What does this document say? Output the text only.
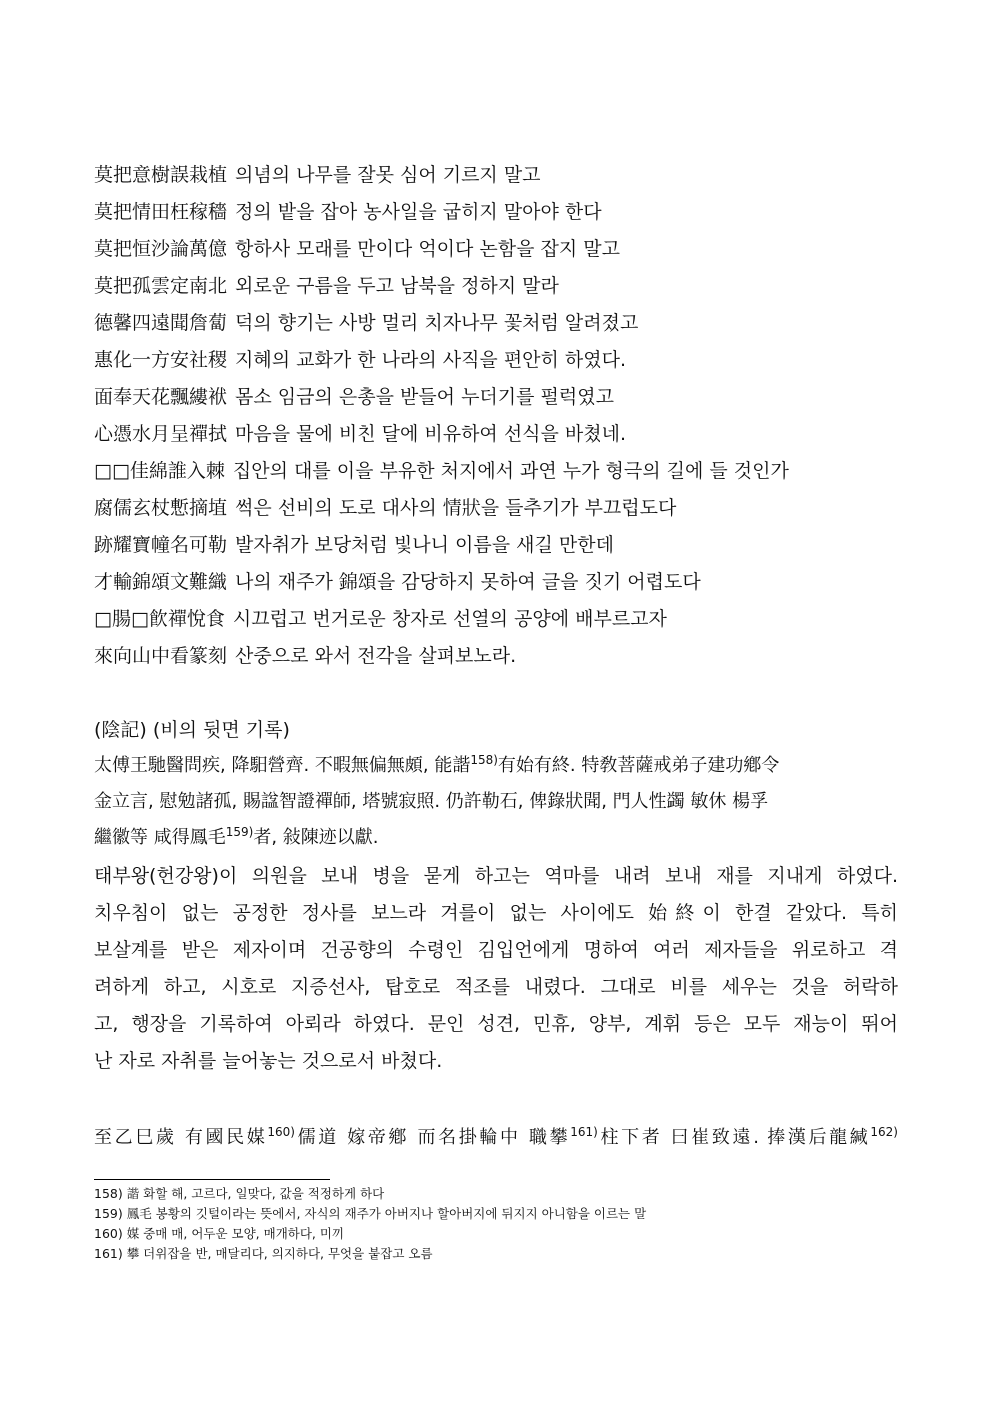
莫把意樹誤栽植 의념의 나무를 잘못 심어 기르지 말고
莫把情田枉稼穡 정의 밭을 잡아 농사일을 굽히지 말아야 한다
莫把恒沙論萬億 항하사 모래를 만이다 억이다 논함을 잡지 말고
莫把孤雲定南北 외로운 구름을 두고 남북을 정하지 말라
德馨四遠聞詹蔔 덕의 향기는 사방 멀리 치자나무 꽃처럼 알려졌고
惠化一方安社稷 지혜의 교화가 한 나라의 사직을 편안히 하였다.
面奉天花飄縷袱 몸소 임금의 은총을 받들어 누더기를 펄럭였고
心憑水月呈禪拭 마음을 물에 비친 달에 비유하여 선식을 바쳤네.
□□佳綿誰入棘 집안의 대를 이을 부유한 처지에서 과연 누가 형극의 길에 들 것인가
腐儒玄杖慙摘埴 썩은 선비의 도로 대사의 情狀을 들추기가 부끄럽도다
跡耀寶幢名可勒 발자취가 보당처럼 빛나니 이름을 새길 만한데
才輸錦頌文難織 나의 재주가 錦頌을 감당하지 못하여 글을 짓기 어렵도다
□腸□飮禪悅食 시끄럽고 번거로운 창자로 선열의 공양에 배부르고자
來向山中看篆刻 산중으로 와서 전각을 살펴보노라.
(陰記) (비의 뒷면 기록)
太傅王馳醫問疾, 降馹營齊. 不暇無偏無頗, 能諧$^{158)}$有始有終. 特敎菩薩戒弟子建功鄕令
金立言, 慰勉諸孤, 賜諡智證禪師, 塔號寂照. 仍許勒石, 俾錄狀聞, 門人性蠲 敏休 楊孚
繼徽等 咸得鳳毛$^{159)}$者, 敍陳迹以獻.
태부왕(헌강왕)이 의원을 보내 병을 묻게 하고는 역마를 내려 보내 재를 지내게 하였다.
치우침이 없는 공정한 정사를 보느라 겨를이 없는 사이에도 始終이 한결 같았다. 특히
보살계를 받은 제자이며 건공향의 수령인 김입언에게 명하여 여러 제자들을 위로하고 격
려하게 하고, 시호로 지증선사, 탑호로 적조를 내렸다. 그대로 비를 세우는 것을 허락하
고, 행장을 기록하여 아뢰라 하였다. 문인 성견, 민휴, 양부, 계휘 등은 모두 재능이 뛰어
난 자로 자취를 늘어놓는 것으로서 바쳤다.
至乙巳歲 有國民媒$^{160)}$儒道 嫁帝鄕 而名掛輪中 職攀$^{161)}$柱下者 曰崔致遠. 捧漢后龍緘$^{162)}$
158) 諧 화할 해, 고르다, 일맞다, 값을 적정하게 하다
159) 鳳毛 봉황의 깃털이라는 뜻에서, 자식의 재주가 아버지나 할아버지에 뒤지지 아니함을 이르는 말
160) 媒 중매 매, 어두운 모양, 매개하다, 미끼
161) 攀 더위잡을 반, 매달리다, 의지하다, 무엇을 붙잡고 오름
